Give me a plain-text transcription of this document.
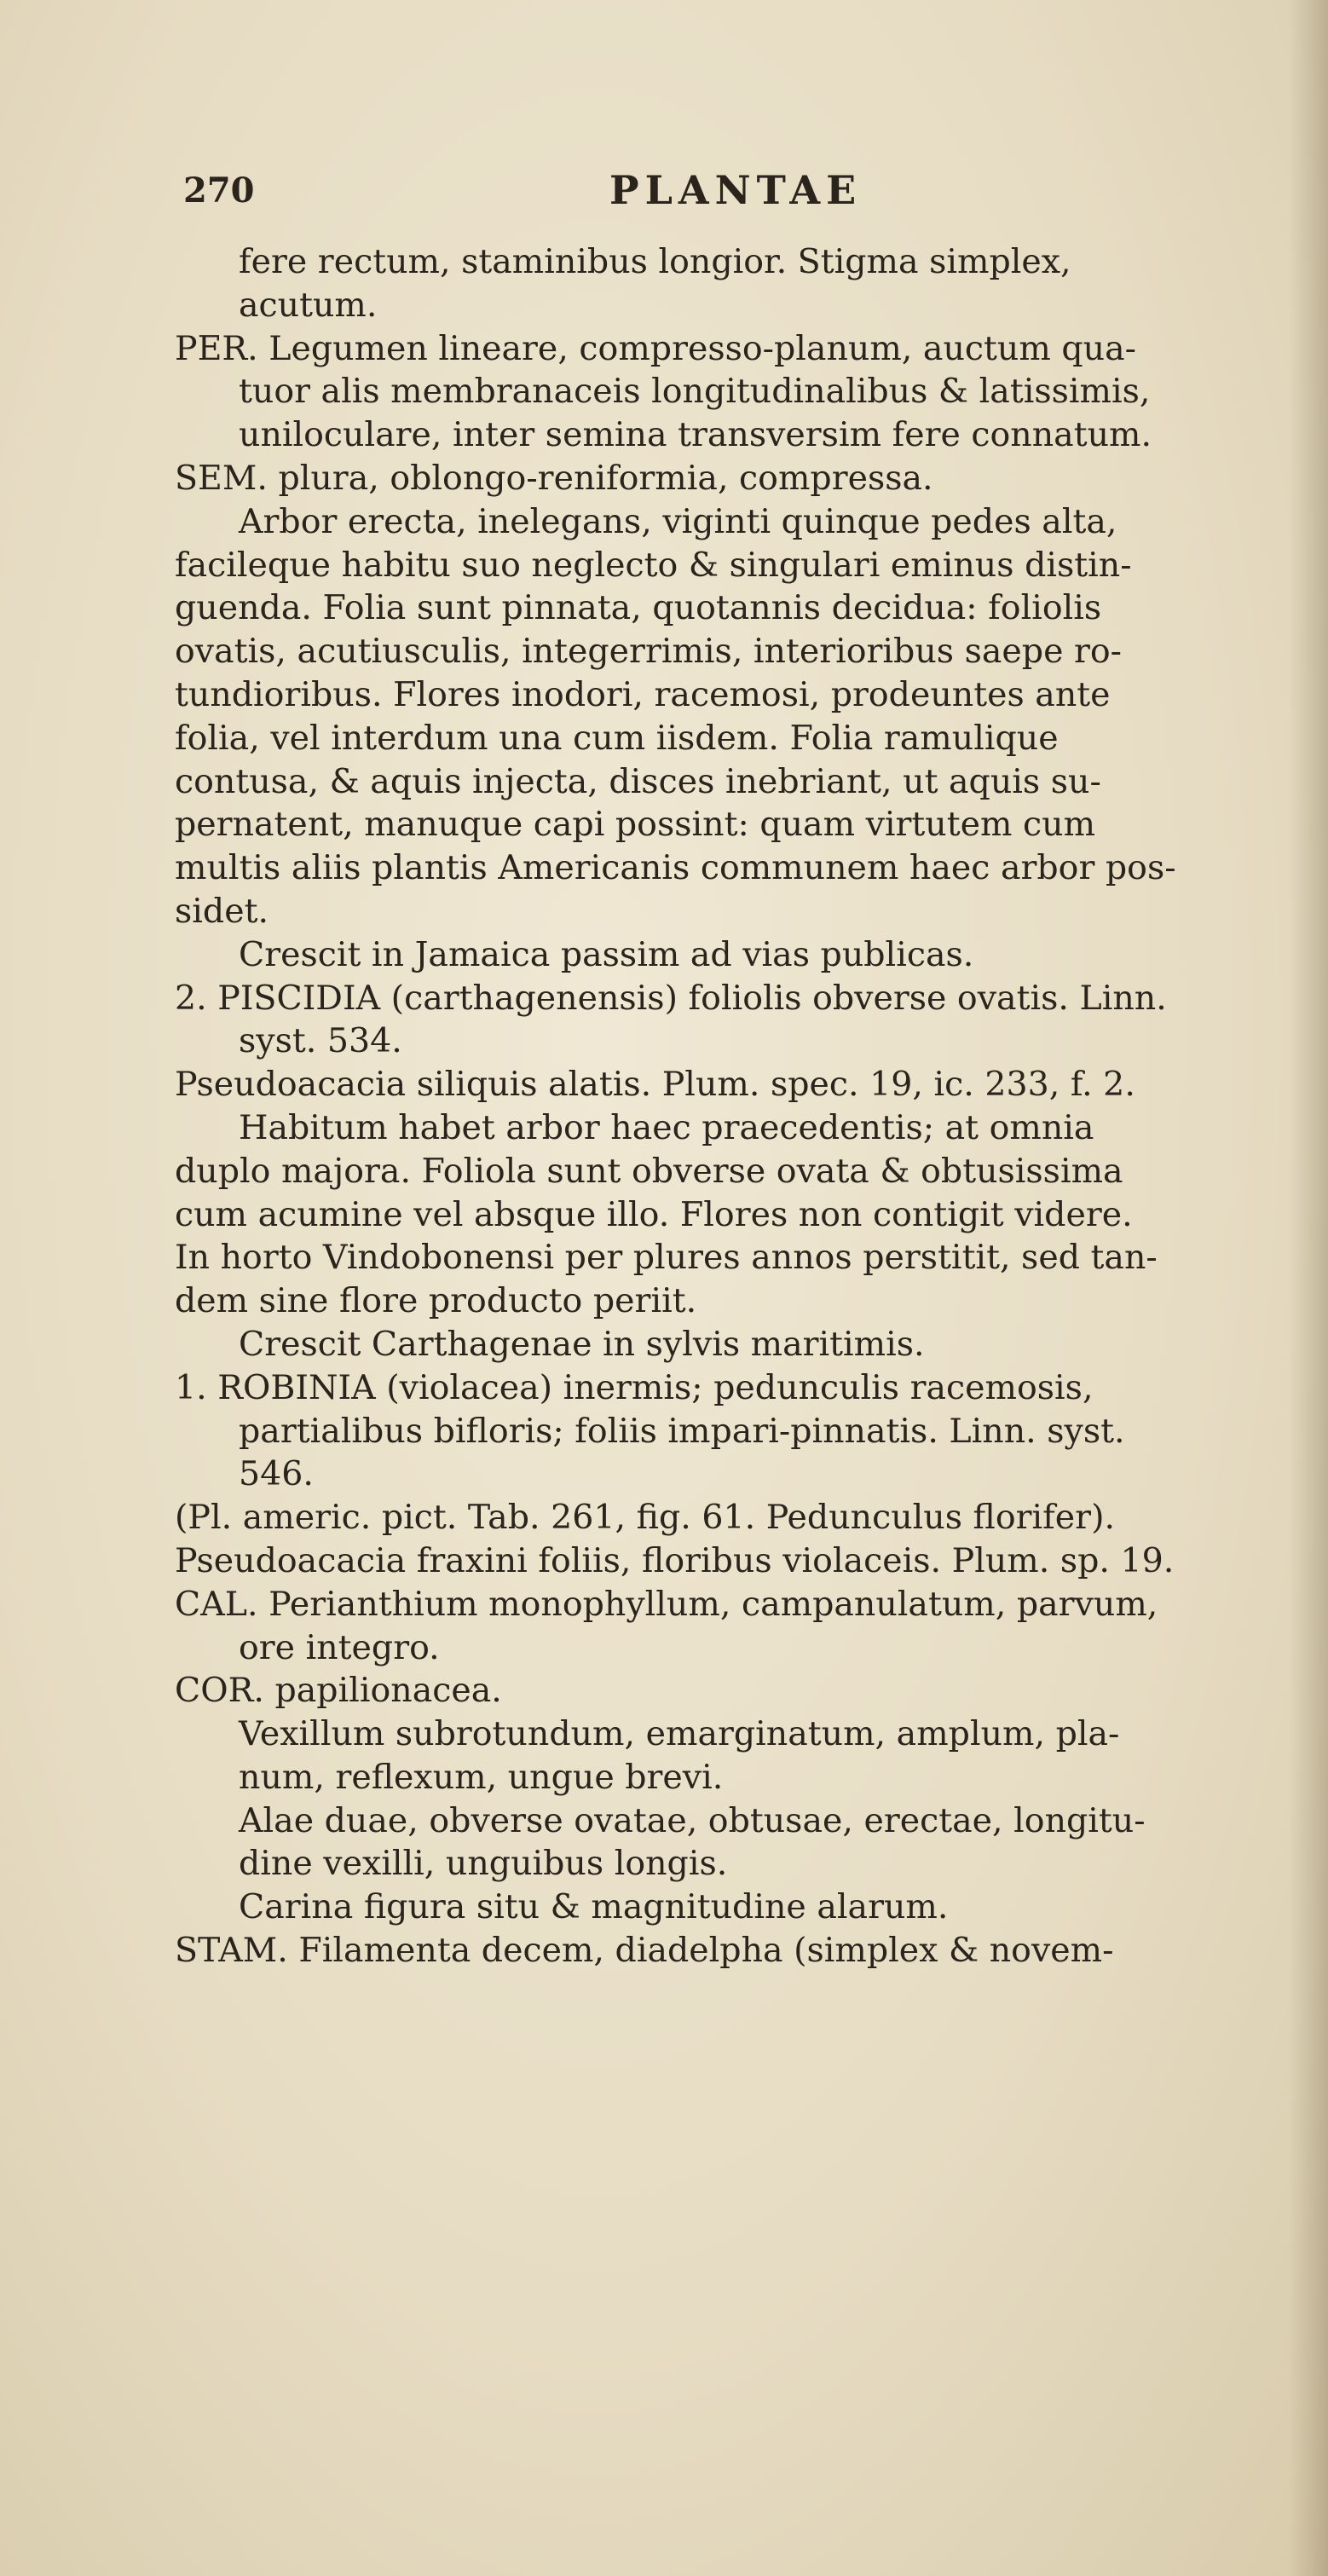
270	PLANTAE
fere rectum, staminibus longior. Stigma simplex,
acutum.
PER. Legumen lineare, compresso-planum, auctum qua-
tuor alis membranaceis longitudinalibus & latissimis,
uniloculare, inter semina transversim fere connatum.
SEM. plura, oblongo-reniformia, compressa.
Arbor erecta, inelegans, viginti quinque pedes alta,
facileque habitu suo neglecto & singulari eminus distin-
guenda. Folia sunt pinnata, quotannis decidua: foliolis
ovatis, acutiusculis, integerrimis, interioribus saepe ro-
tundioribus. Flores inodori, racemosi, prodeuntes ante
folia, vel interdum una cum iisdem. Folia ramulique
contusa, & aquis injecta, disces inebriant, ut aquis su-
pernatent, manuque capi possint: quam virtutem cum
multis aliis plantis Americanis communem haec arbor pos-
sidet.
Crescit in Jamaica passim ad vias publicas.
2. PISCIDIA (carthagenensis) foliolis obverse ovatis. Linn.
syst. 534.
Pseudoacacia siliquis alatis. Plum. spec. 19, ic. 233, f. 2.
Habitum habet arbor haec praecedentis; at omnia
duplo majora. Foliola sunt obverse ovata & obtusissima
cum acumine vel absque illo. Flores non contigit videre.
In horto Vindobonensi per plures annos perstitit, sed tan-
dem sine flore producto periit.
Crescit Carthagenae in sylvis maritimis.
1. ROBINIA (violacea) inermis; pedunculis racemosis,
partialibus bifloris; foliis impari-pinnatis. Linn. syst.
546.
(Pl. americ. pict. Tab. 261, fig. 61. Pedunculus florifer).
Pseudoacacia fraxini foliis, floribus violaceis. Plum. sp. 19.
CAL. Perianthium monophyllum, campanulatum, parvum,
ore integro.
COR. papilionacea.
Vexillum subrotundum, emarginatum, amplum, pla-
num, reflexum, ungue brevi.
Alae duae, obverse ovatae, obtusae, erectae, longitu-
dine vexilli, unguibus longis.
Carina figura situ & magnitudine alarum.
STAM. Filamenta decem, diadelpha (simplex & novem-
